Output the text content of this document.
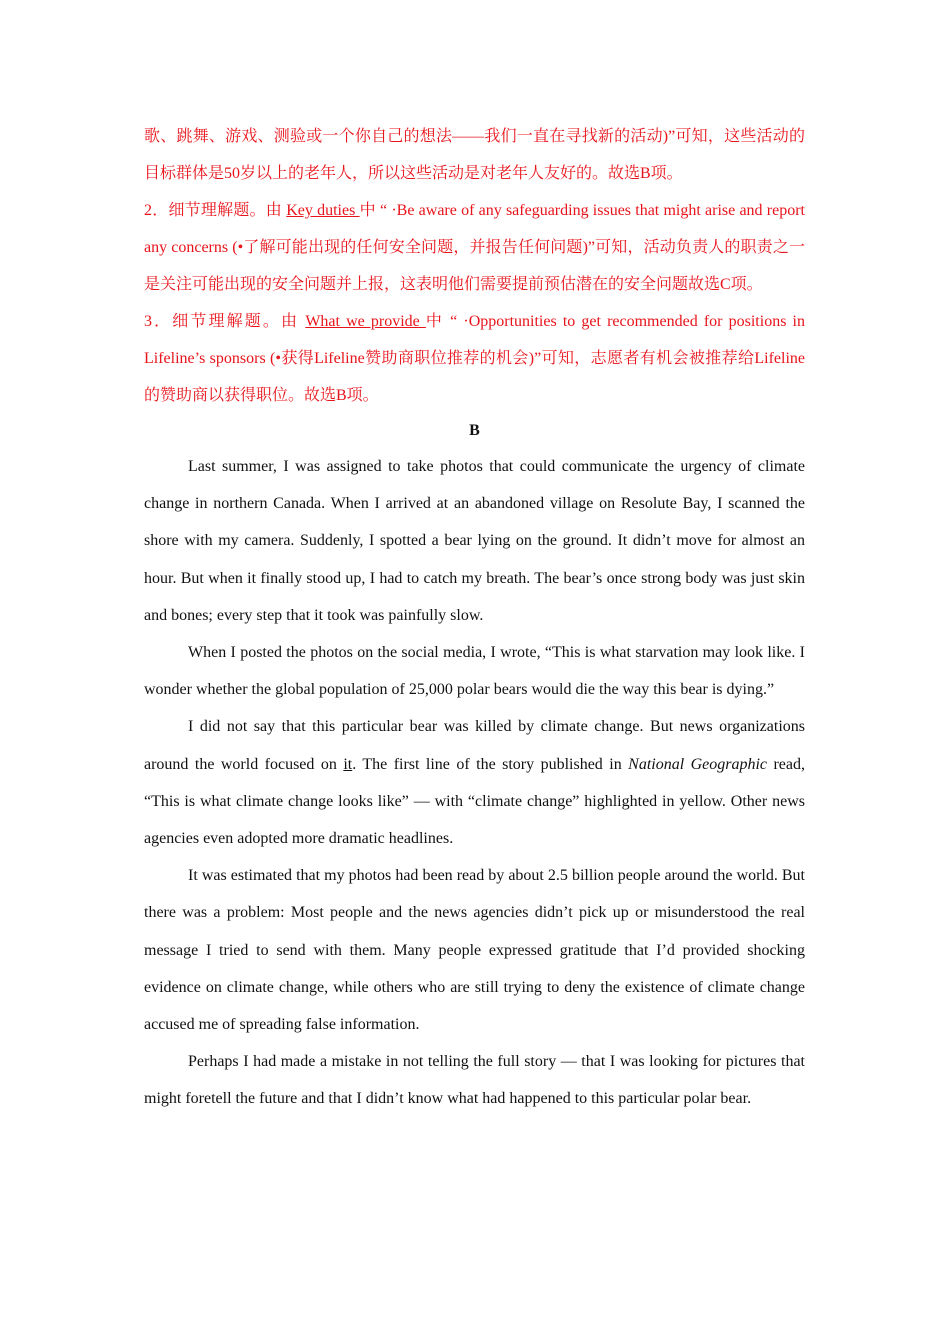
歌、跳舞、游戏、测验或一个你自己的想法——我们一直在寻找新的活动)”可知，这些活动的目标群体是50岁以上的老年人，所以这些活动是对老年人友好的。故选B项。

2．细节理解题。由 Key duties 中 “ ·Be aware of any safeguarding issues that might arise and report any concerns (•了解可能出现的任何安全问题，并报告任何问题)”可知，活动负责人的职责之一是关注可能出现的安全问题并上报，这表明他们需要提前预估潜在的安全问题故选C项。

3．细节理解题。由 What we provide 中 “ ·Opportunities to get recommended for positions in Lifeline’s sponsors (•获得Lifeline赞助商职位推荐的机会)”可知，志愿者有机会被推荐给Lifeline的赞助商以获得职位。故选B项。

B

Last summer, I was assigned to take photos that could communicate the urgency of climate change in northern Canada. When I arrived at an abandoned village on Resolute Bay, I scanned the shore with my camera. Suddenly, I spotted a bear lying on the ground. It didn’t move for almost an hour. But when it finally stood up, I had to catch my breath. The bear’s once strong body was just skin and bones; every step that it took was painfully slow.

When I posted the photos on the social media, I wrote, “This is what starvation may look like. I wonder whether the global population of 25,000 polar bears would die the way this bear is dying.”

I did not say that this particular bear was killed by climate change. But news organizations around the world focused on it. The first line of the story published in National Geographic read, “This is what climate change looks like” — with “climate change” highlighted in yellow. Other news agencies even adopted more dramatic headlines.

It was estimated that my photos had been read by about 2.5 billion people around the world. But there was a problem: Most people and the news agencies didn’t pick up or misunderstood the real message I tried to send with them. Many people expressed gratitude that I’d provided shocking evidence on climate change, while others who are still trying to deny the existence of climate change accused me of spreading false information.

Perhaps I had made a mistake in not telling the full story — that I was looking for pictures that might foretell the future and that I didn’t know what had happened to this particular polar bear.
